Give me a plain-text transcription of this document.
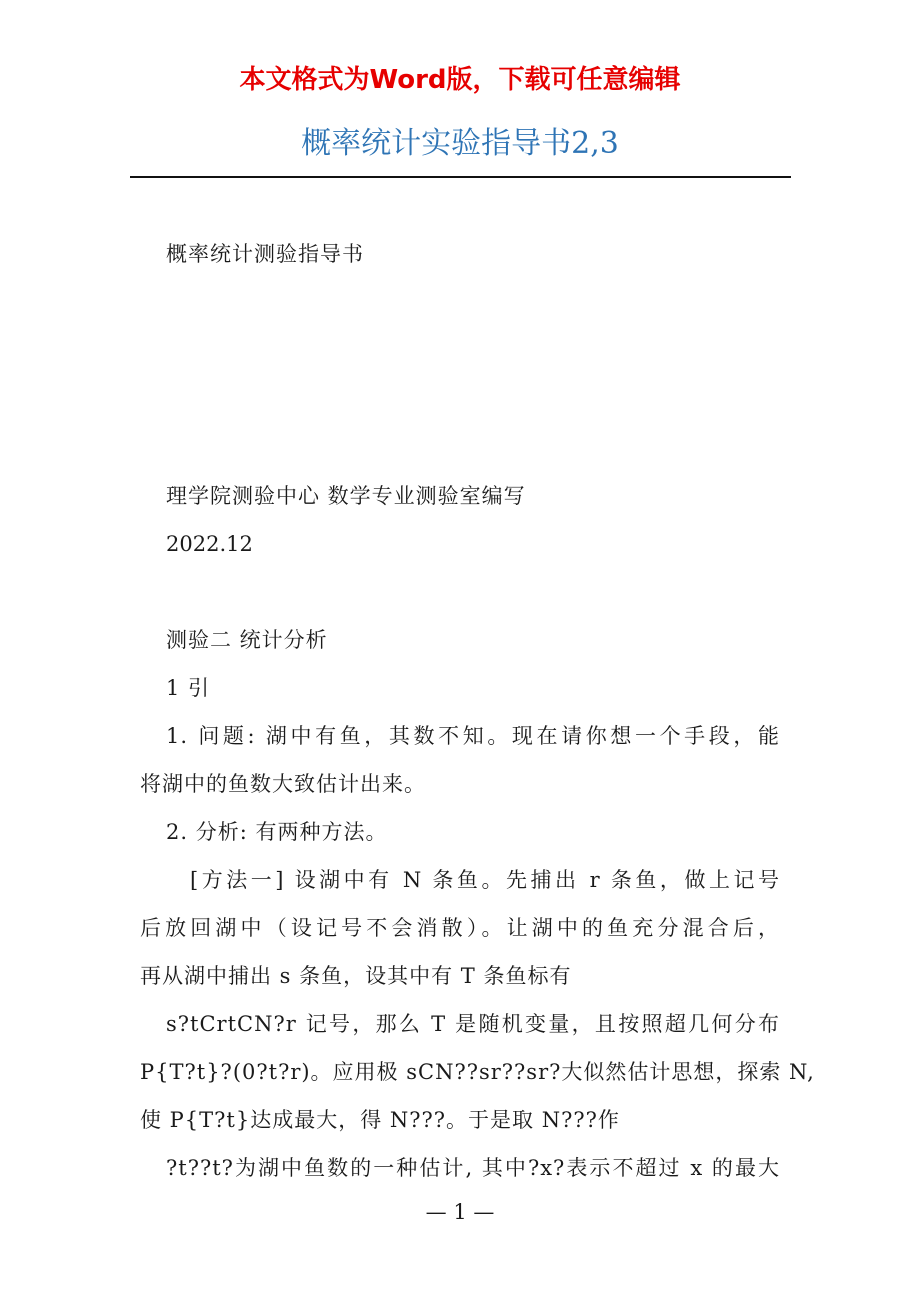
本文格式为Word版，下载可任意编辑
概率统计实验指导书2,3
概率统计测验指导书
理学院测验中心 数学专业测验室编写
2022.12
测验二 统计分析
1 引
1. 问题: 湖中有鱼，其数不知。现在请你想一个手段，能
将湖中的鱼数大致估计出来。
2. 分析: 有两种方法。
[方法一] 设湖中有 N 条鱼。先捕出 r 条鱼，做上记号
后放回湖中（设记号不会消散）。让湖中的鱼充分混合后，
再从湖中捕出 s 条鱼，设其中有 T 条鱼标有
s?tCrtCN?r 记号，那么 T 是随机变量，且按照超几何分布
P{T?t}?(0?t?r)。应用极 sCN??sr??sr?大似然估计思想，探索 N,
使 P{T?t}达成最大，得 N???。于是取 N???作
?t??t?为湖中鱼数的一种估计, 其中?x?表示不超过 x 的最大
— 1 —
